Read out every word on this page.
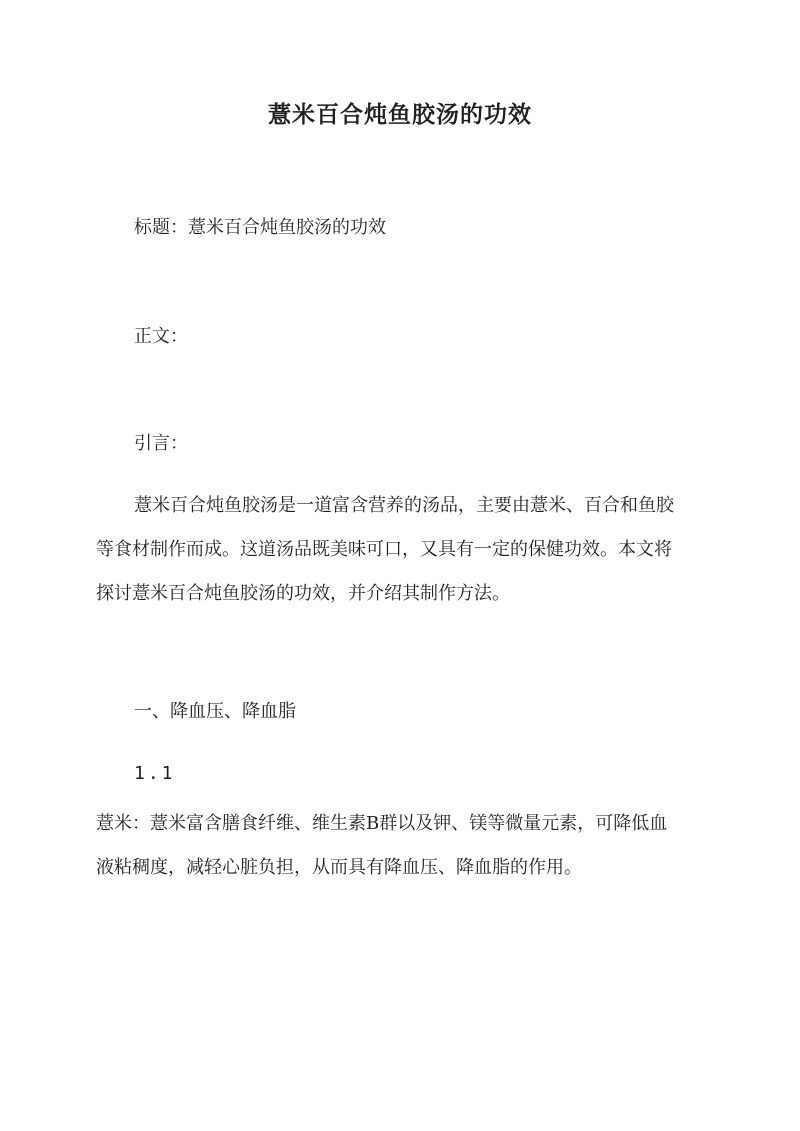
薏米百合炖鱼胶汤的功效
标题：薏米百合炖鱼胶汤的功效
正文：
引言：
薏米百合炖鱼胶汤是一道富含营养的汤品，主要由薏米、百合和鱼胶
等食材制作而成。这道汤品既美味可口，又具有一定的保健功效。本文将
探讨薏米百合炖鱼胶汤的功效，并介绍其制作方法。
一、降血压、降血脂
1.1
薏米：薏米富含膳食纤维、维生素B群以及钾、镁等微量元素，可降低血
液粘稠度，减轻心脏负担，从而具有降血压、降血脂的作用。
